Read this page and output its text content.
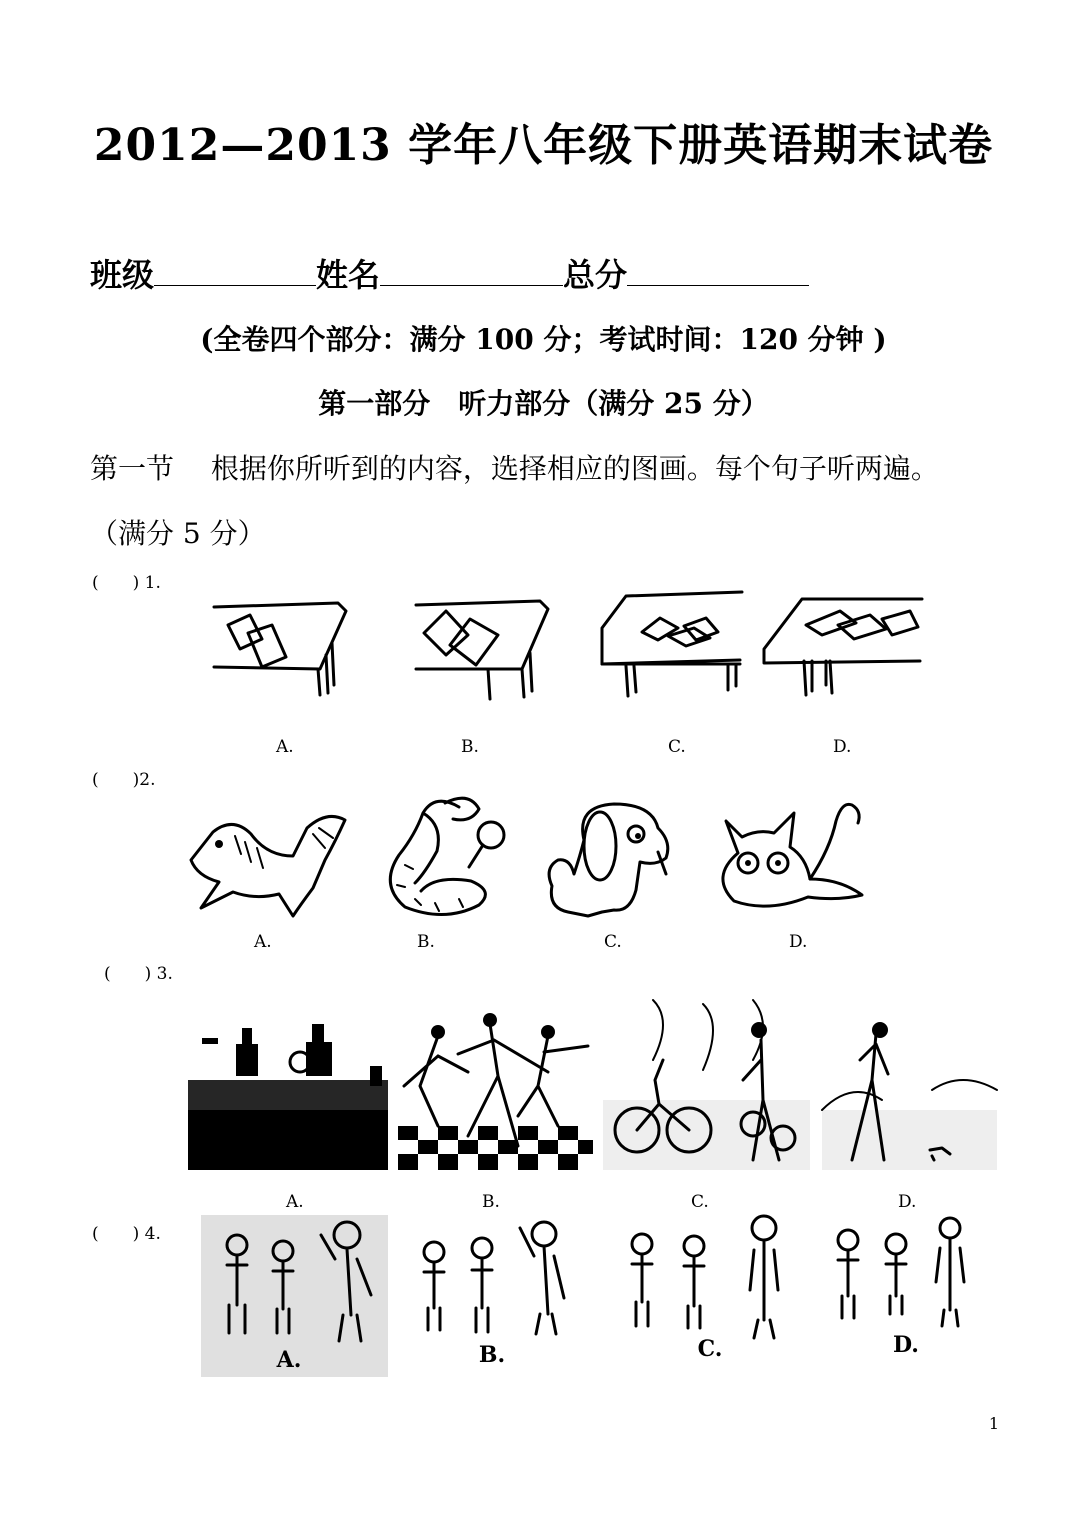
2012—2013 学年八年级下册英语期末试卷
班级	姓名	总分
(全卷四个部分：满分 100 分；考试时间：120 分钟 )
第一部分　听力部分（满分 25 分）
第一节　 根据你所听到的内容，选择相应的图画。每个句子听两遍。
（满分 5 分）
(　　) 1.
A.	B.	C.	D.
(　　)2.
A.	B.	C.	D.
(　　) 3.
A.	B.	C.	D.
(　　) 4.
A.	B.	C.	D.
1
